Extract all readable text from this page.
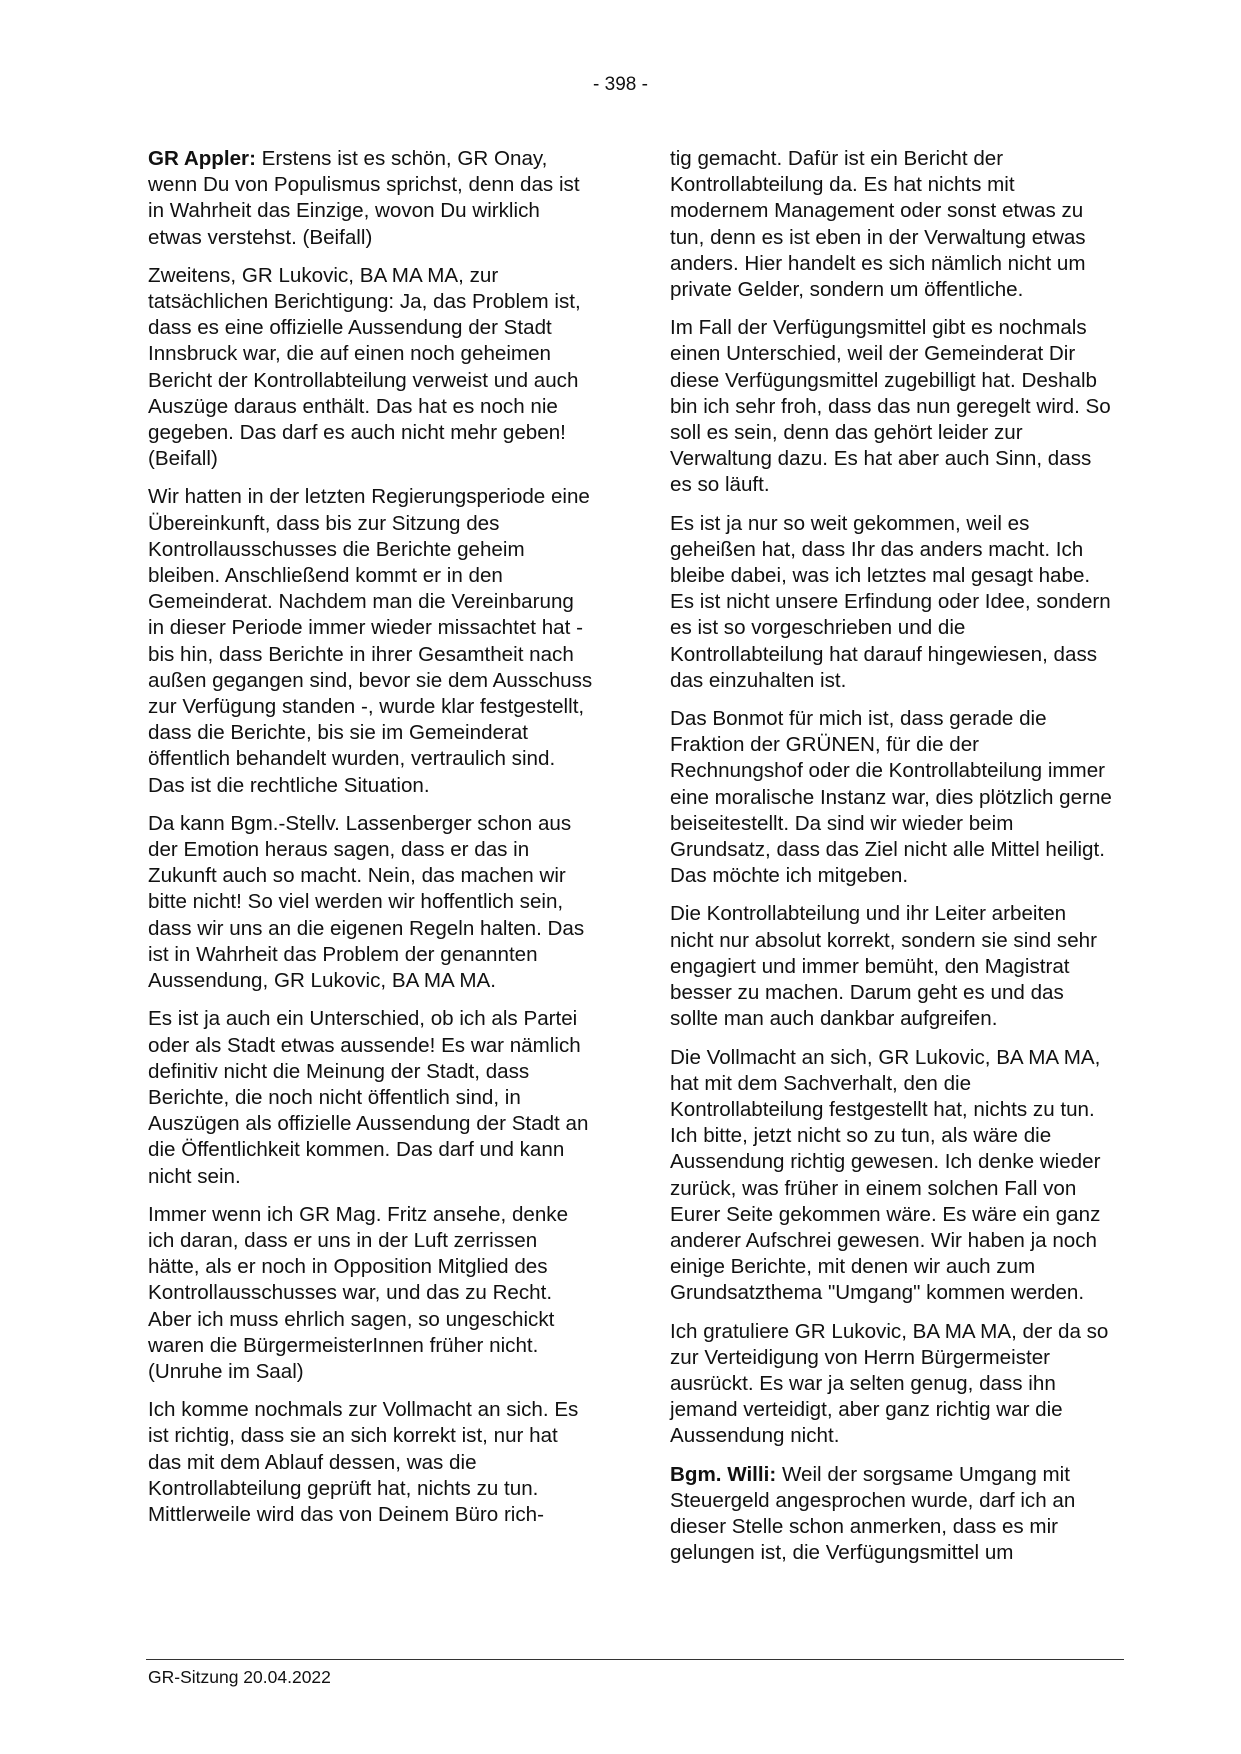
- 398 -

GR Appler: Erstens ist es schön, GR Onay, wenn Du von Populismus sprichst, denn das ist in Wahrheit das Einzige, wovon Du wirklich etwas verstehst. (Beifall)

Zweitens, GR Lukovic, BA MA MA, zur tatsächlichen Berichtigung: Ja, das Problem ist, dass es eine offizielle Aussendung der Stadt Innsbruck war, die auf einen noch geheimen Bericht der Kontrollabteilung verweist und auch Auszüge daraus enthält. Das hat es noch nie gegeben. Das darf es auch nicht mehr geben! (Beifall)

Wir hatten in der letzten Regierungsperiode eine Übereinkunft, dass bis zur Sitzung des Kontrollausschusses die Berichte geheim bleiben. Anschließend kommt er in den Gemeinderat. Nachdem man die Vereinbarung in dieser Periode immer wieder missachtet hat - bis hin, dass Berichte in ihrer Gesamtheit nach außen gegangen sind, bevor sie dem Ausschuss zur Verfügung standen -, wurde klar festgestellt, dass die Berichte, bis sie im Gemeinderat öffentlich behandelt wurden, vertraulich sind. Das ist die rechtliche Situation.

Da kann Bgm.-Stellv. Lassenberger schon aus der Emotion heraus sagen, dass er das in Zukunft auch so macht. Nein, das machen wir bitte nicht! So viel werden wir hoffentlich sein, dass wir uns an die eigenen Regeln halten. Das ist in Wahrheit das Problem der genannten Aussendung, GR Lukovic, BA MA MA.

Es ist ja auch ein Unterschied, ob ich als Partei oder als Stadt etwas aussende! Es war nämlich definitiv nicht die Meinung der Stadt, dass Berichte, die noch nicht öffentlich sind, in Auszügen als offizielle Aussendung der Stadt an die Öffentlichkeit kommen. Das darf und kann nicht sein.

Immer wenn ich GR Mag. Fritz ansehe, denke ich daran, dass er uns in der Luft zerrissen hätte, als er noch in Opposition Mitglied des Kontrollausschusses war, und das zu Recht. Aber ich muss ehrlich sagen, so ungeschickt waren die BürgermeisterInnen früher nicht. (Unruhe im Saal)

Ich komme nochmals zur Vollmacht an sich. Es ist richtig, dass sie an sich korrekt ist, nur hat das mit dem Ablauf dessen, was die Kontrollabteilung geprüft hat, nichts zu tun. Mittlerweile wird das von Deinem Büro rich-

tig gemacht. Dafür ist ein Bericht der Kontrollabteilung da. Es hat nichts mit modernem Management oder sonst etwas zu tun, denn es ist eben in der Verwaltung etwas anders. Hier handelt es sich nämlich nicht um private Gelder, sondern um öffentliche.

Im Fall der Verfügungsmittel gibt es nochmals einen Unterschied, weil der Gemeinderat Dir diese Verfügungsmittel zugebilligt hat. Deshalb bin ich sehr froh, dass das nun geregelt wird. So soll es sein, denn das gehört leider zur Verwaltung dazu. Es hat aber auch Sinn, dass es so läuft.

Es ist ja nur so weit gekommen, weil es geheißen hat, dass Ihr das anders macht. Ich bleibe dabei, was ich letztes mal gesagt habe. Es ist nicht unsere Erfindung oder Idee, sondern es ist so vorgeschrieben und die Kontrollabteilung hat darauf hingewiesen, dass das einzuhalten ist.

Das Bonmot für mich ist, dass gerade die Fraktion der GRÜNEN, für die der Rechnungshof oder die Kontrollabteilung immer eine moralische Instanz war, dies plötzlich gerne beiseitestellt. Da sind wir wieder beim Grundsatz, dass das Ziel nicht alle Mittel heiligt. Das möchte ich mitgeben.

Die Kontrollabteilung und ihr Leiter arbeiten nicht nur absolut korrekt, sondern sie sind sehr engagiert und immer bemüht, den Magistrat besser zu machen. Darum geht es und das sollte man auch dankbar aufgreifen.

Die Vollmacht an sich, GR Lukovic, BA MA MA, hat mit dem Sachverhalt, den die Kontrollabteilung festgestellt hat, nichts zu tun. Ich bitte, jetzt nicht so zu tun, als wäre die Aussendung richtig gewesen. Ich denke wieder zurück, was früher in einem solchen Fall von Eurer Seite gekommen wäre. Es wäre ein ganz anderer Aufschrei gewesen. Wir haben ja noch einige Berichte, mit denen wir auch zum Grundsatzthema "Umgang" kommen werden.

Ich gratuliere GR Lukovic, BA MA MA, der da so zur Verteidigung von Herrn Bürgermeister ausrückt. Es war ja selten genug, dass ihn jemand verteidigt, aber ganz richtig war die Aussendung nicht.

Bgm. Willi: Weil der sorgsame Umgang mit Steuergeld angesprochen wurde, darf ich an dieser Stelle schon anmerken, dass es mir gelungen ist, die Verfügungsmittel um

GR-Sitzung 20.04.2022
